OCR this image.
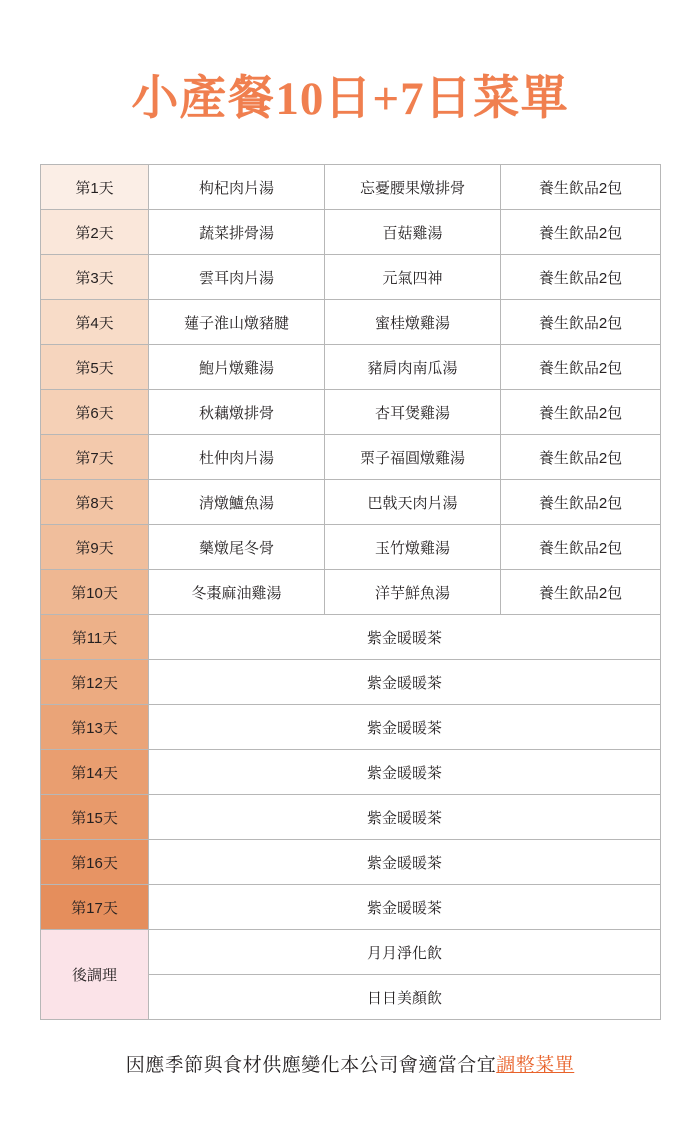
小產餐10日+7日菜單
第1天	枸杞肉片湯	忘憂腰果燉排骨	養生飲品2包
第2天	蔬菜排骨湯	百菇雞湯	養生飲品2包
第3天	雲耳肉片湯	元氣四神	養生飲品2包
第4天	蓮子淮山燉豬腱	蜜桂燉雞湯	養生飲品2包
第5天	鮑片燉雞湯	豬肩肉南瓜湯	養生飲品2包
第6天	秋藕燉排骨	杏耳煲雞湯	養生飲品2包
第7天	杜仲肉片湯	栗子福圓燉雞湯	養生飲品2包
第8天	清燉鱸魚湯	巴戟天肉片湯	養生飲品2包
第9天	藥燉尾冬骨	玉竹燉雞湯	養生飲品2包
第10天	冬棗麻油雞湯	洋芋鮮魚湯	養生飲品2包
第11天	紫金暖暖茶		
第12天	紫金暖暖茶		
第13天	紫金暖暖茶		
第14天	紫金暖暖茶		
第15天	紫金暖暖茶		
第16天	紫金暖暖茶		
第17天	紫金暖暖茶		
後調理	月月淨化飲		
	日日美顏飲		
因應季節與食材供應變化本公司會適當合宜調整菜單
